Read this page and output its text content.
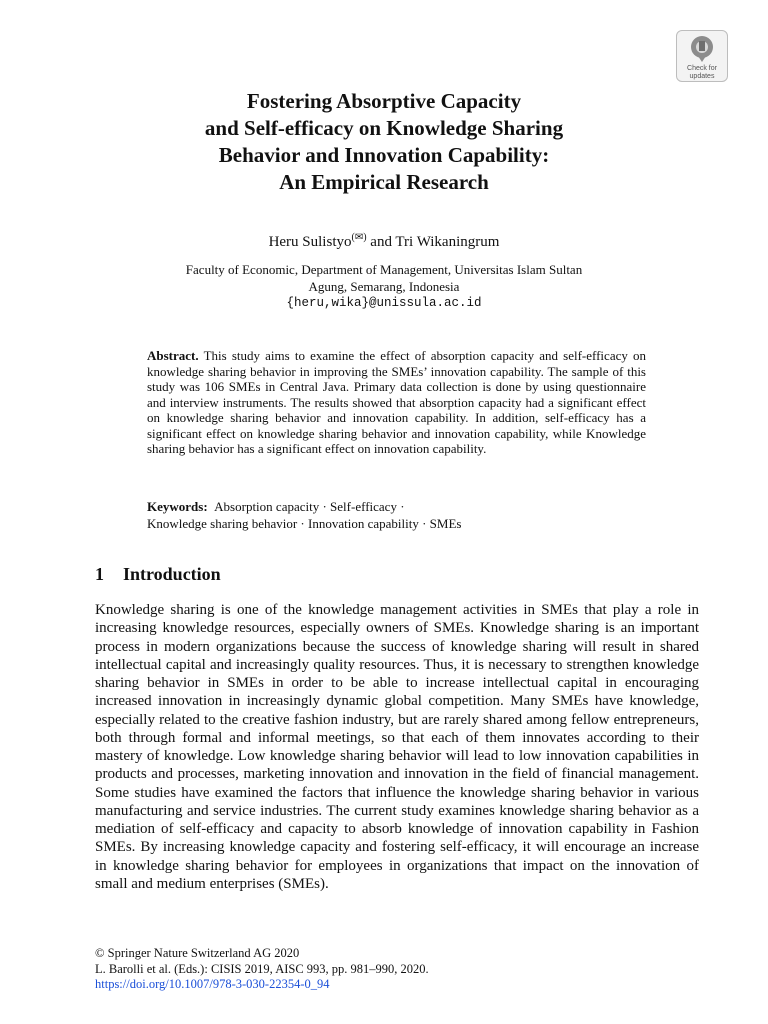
Check for
updates
Fostering Absorptive Capacity
and Self-efficacy on Knowledge Sharing
Behavior and Innovation Capability:
An Empirical Research
Heru Sulistyo(✉) and Tri Wikaningrum
Faculty of Economic, Department of Management, Universitas Islam Sultan
Agung, Semarang, Indonesia
{heru,wika}@unissula.ac.id
Abstract. This study aims to examine the effect of absorption capacity and self-efficacy on knowledge sharing behavior in improving the SMEs’ innovation capability. The sample of this study was 106 SMEs in Central Java. Primary data collection is done by using questionnaire and interview instruments. The results showed that absorption capacity had a significant effect on knowledge sharing behavior and innovation capability. In addition, self-efficacy has a significant effect on knowledge sharing behavior and innovation capability, while Knowledge sharing behavior has a significant effect on innovation capability.
Keywords: Absorption capacity · Self-efficacy ·
Knowledge sharing behavior · Innovation capability · SMEs
1 Introduction
Knowledge sharing is one of the knowledge management activities in SMEs that play a role in increasing knowledge resources, especially owners of SMEs. Knowledge sharing is an important process in modern organizations because the success of knowledge sharing will result in shared intellectual capital and increasingly quality resources. Thus, it is necessary to strengthen knowledge sharing behavior in SMEs in order to be able to increase intellectual capital in encouraging increased innovation in increasingly dynamic global competition. Many SMEs have knowledge, especially related to the creative fashion industry, but are rarely shared among fellow entrepreneurs, both through formal and informal meetings, so that each of them innovates according to their mastery of knowledge. Low knowledge sharing behavior will lead to low innovation capabilities in products and processes, marketing innovation and innovation in the field of financial management. Some studies have examined the factors that influence the knowledge sharing behavior in various manufacturing and service industries. The current study examines knowledge sharing behavior as a mediation of self-efficacy and capacity to absorb knowledge of innovation capability in Fashion SMEs. By increasing knowledge capacity and fostering self-efficacy, it will encourage an increase in knowledge sharing behavior for employees in organizations that impact on the innovation of small and medium enterprises (SMEs).
© Springer Nature Switzerland AG 2020
L. Barolli et al. (Eds.): CISIS 2019, AISC 993, pp. 981–990, 2020.
https://doi.org/10.1007/978-3-030-22354-0_94
